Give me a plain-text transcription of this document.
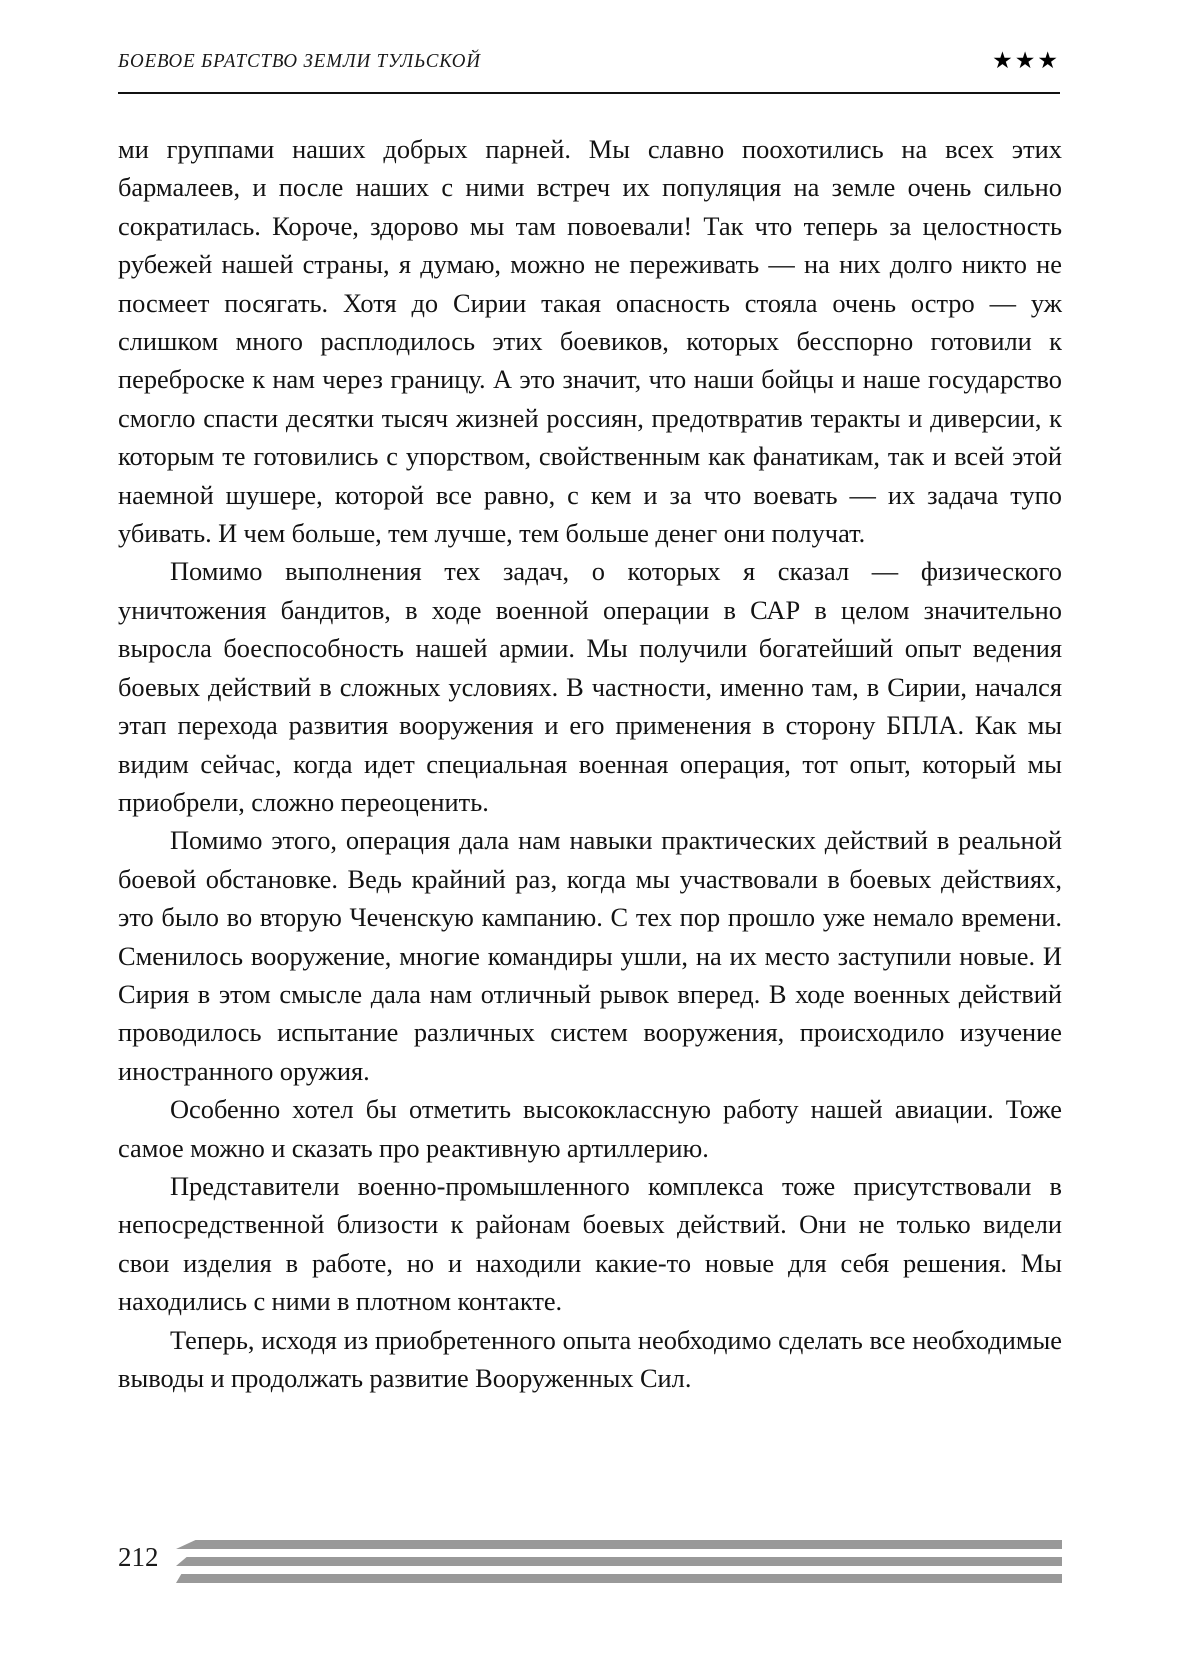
БОЕВОЕ БРАТСТВО ЗЕМЛИ ТУЛЬСКОЙ	★★★

ми группами наших добрых парней. Мы славно поохотились на всех этих бармалеев, и после наших с ними встреч их популяция на земле очень сильно сократилась. Короче, здорово мы там повоевали! Так что теперь за целостность рубежей нашей страны, я думаю, можно не переживать — на них долго никто не посмеет посягать. Хотя до Сирии такая опасность стояла очень остро — уж слишком много расплодилось этих боевиков, которых бесспорно готовили к переброске к нам через границу. А это значит, что наши бойцы и наше государство смогло спасти десятки тысяч жизней россиян, предотвратив теракты и диверсии, к которым те готовились с упорством, свойственным как фанатикам, так и всей этой наемной шушере, которой все равно, с кем и за что воевать — их задача тупо убивать. И чем больше, тем лучше, тем больше денег они получат.

Помимо выполнения тех задач, о которых я сказал — физического уничтожения бандитов, в ходе военной операции в САР в целом значительно выросла боеспособность нашей армии. Мы получили богатейший опыт ведения боевых действий в сложных условиях. В частности, именно там, в Сирии, начался этап перехода развития вооружения и его применения в сторону БПЛА. Как мы видим сейчас, когда идет специальная военная операция, тот опыт, который мы приобрели, сложно переоценить.

Помимо этого, операция дала нам навыки практических действий в реальной боевой обстановке. Ведь крайний раз, когда мы участвовали в боевых действиях, это было во вторую Чеченскую кампанию. С тех пор прошло уже немало времени. Сменилось вооружение, многие командиры ушли, на их место заступили новые. И Сирия в этом смысле дала нам отличный рывок вперед. В ходе военных действий проводилось испытание различных систем вооружения, происходило изучение иностранного оружия.

Особенно хотел бы отметить высококлассную работу нашей авиации. Тоже самое можно и сказать про реактивную артиллерию.

Представители военно-промышленного комплекса тоже присутствовали в непосредственной близости к районам боевых действий. Они не только видели свои изделия в работе, но и находили какие-то новые для себя решения. Мы находились с ними в плотном контакте.

Теперь, исходя из приобретенного опыта необходимо сделать все необходимые выводы и продолжать развитие Вооруженных Сил.

212
